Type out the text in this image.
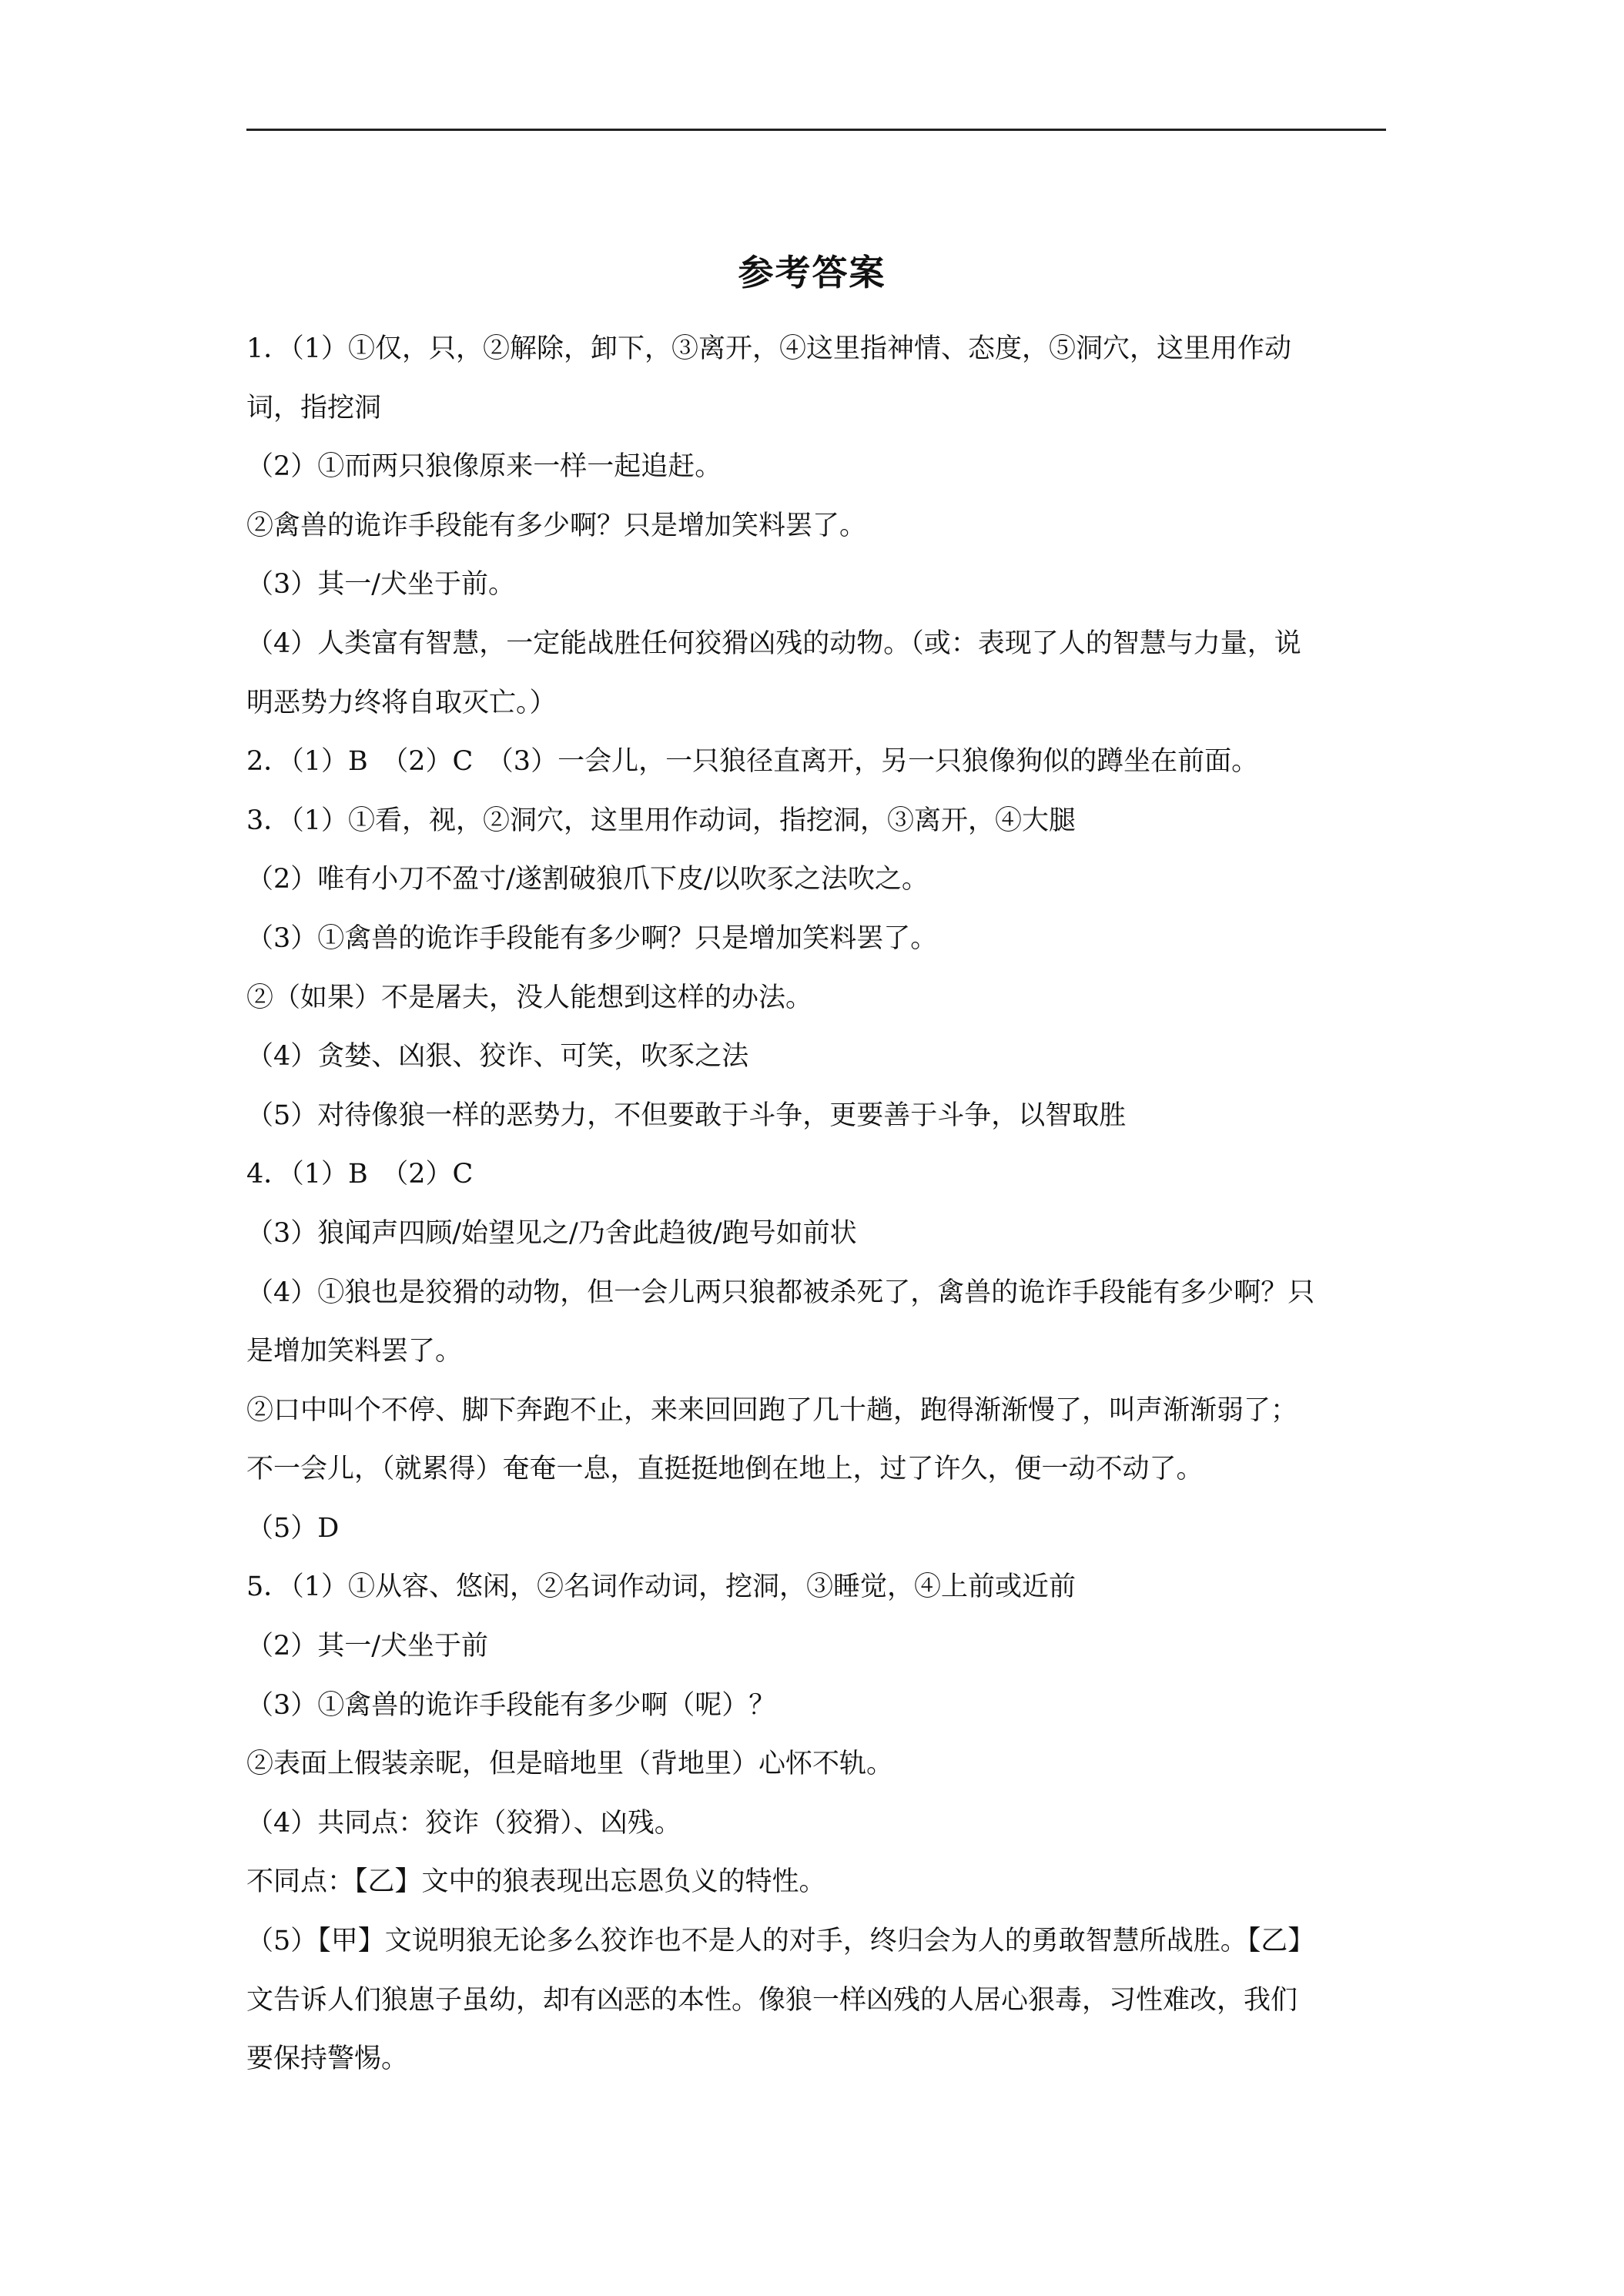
参考答案
1．（1）①仅，只，②解除，卸下，③离开，④这里指神情、态度，⑤洞穴，这里用作动
词，指挖洞
（2）①而两只狼像原来一样一起追赶。
②禽兽的诡诈手段能有多少啊？只是增加笑料罢了。
（3）其一/犬坐于前。
（4）人类富有智慧，一定能战胜任何狡猾凶残的动物。（或：表现了人的智慧与力量，说
明恶势力终将自取灭亡。）
2．（1）B　（2）C　（3）一会儿，一只狼径直离开，另一只狼像狗似的蹲坐在前面。
3．（1）①看，视，②洞穴，这里用作动词，指挖洞，③离开，④大腿
（2）唯有小刀不盈寸/遂割破狼爪下皮/以吹豕之法吹之。
（3）①禽兽的诡诈手段能有多少啊？只是增加笑料罢了。
②（如果）不是屠夫，没人能想到这样的办法。
（4）贪婪、凶狠、狡诈、可笑，吹豕之法
（5）对待像狼一样的恶势力，不但要敢于斗争，更要善于斗争，以智取胜
4．（1）B　（2）C
（3）狼闻声四顾/始望见之/乃舍此趋彼/跑号如前状
（4）①狼也是狡猾的动物，但一会儿两只狼都被杀死了，禽兽的诡诈手段能有多少啊？只
是增加笑料罢了。
②口中叫个不停、脚下奔跑不止，来来回回跑了几十趟，跑得渐渐慢了，叫声渐渐弱了；
不一会儿，（就累得）奄奄一息，直挺挺地倒在地上，过了许久，便一动不动了。
（5）D
5．（1）①从容、悠闲，②名词作动词，挖洞，③睡觉，④上前或近前
（2）其一/犬坐于前
（3）①禽兽的诡诈手段能有多少啊（呢）？
②表面上假装亲昵，但是暗地里（背地里）心怀不轨。
（4）共同点：狡诈（狡猾）、凶残。
不同点：【乙】文中的狼表现出忘恩负义的特性。
（5）【甲】文说明狼无论多么狡诈也不是人的对手，终归会为人的勇敢智慧所战胜。【乙】
文告诉人们狼崽子虽幼，却有凶恶的本性。像狼一样凶残的人居心狠毒，习性难改，我们
要保持警惕。
